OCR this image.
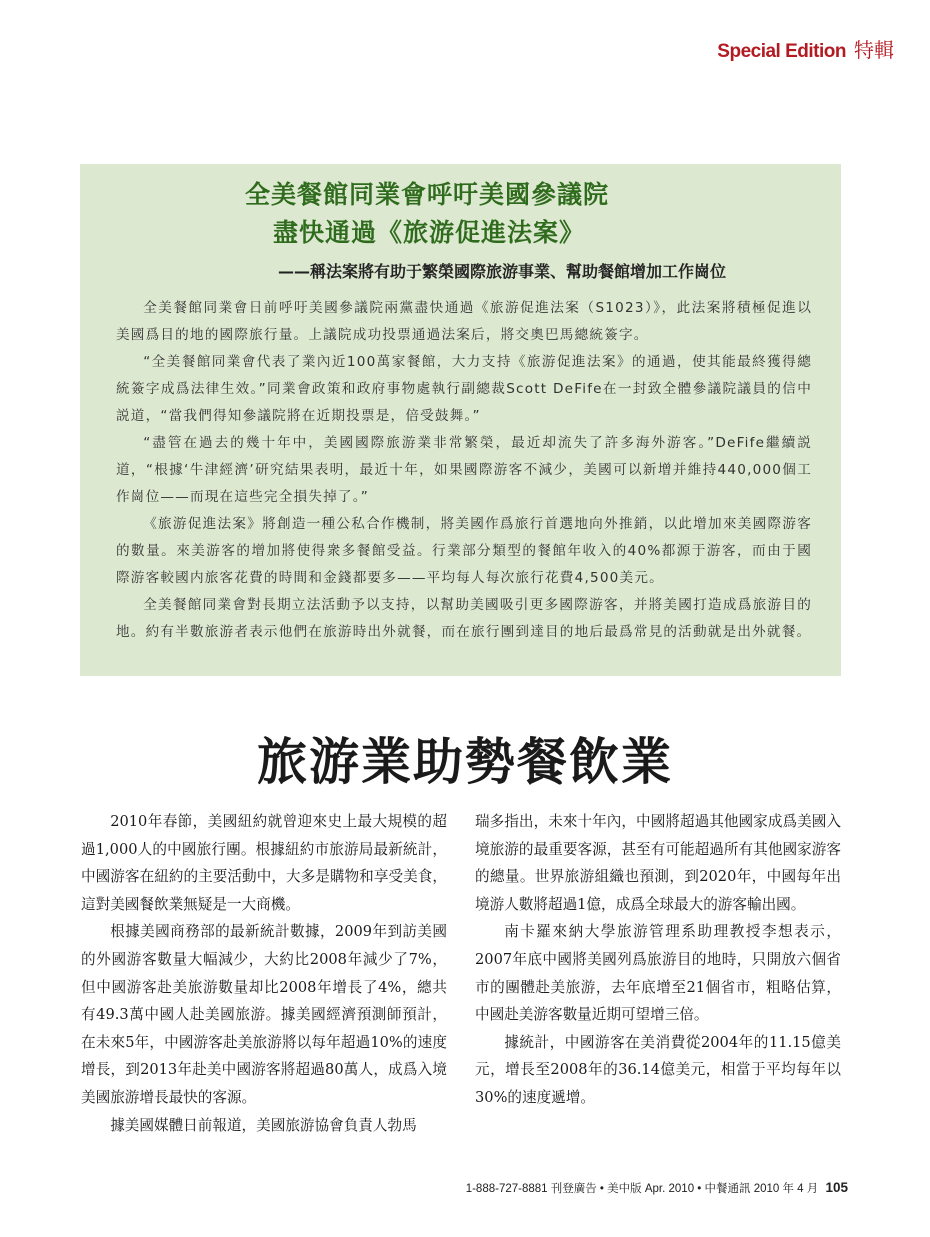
Special Edition 特輯
全美餐館同業會呼吁美國參議院
盡快通過《旅游促進法案》
——稱法案將有助于繁榮國際旅游事業、幫助餐館增加工作崗位

全美餐館同業會日前呼吁美國參議院兩黨盡快通過《旅游促進法案（S1023）》，此法案將積極促進以美國爲目的地的國際旅行量。上議院成功投票通過法案后，將交奧巴馬總統簽字。

“全美餐館同業會代表了業內近100萬家餐館，大力支持《旅游促進法案》的通過，使其能最終獲得總統簽字成爲法律生效。”同業會政策和政府事物處執行副總裁Scott DeFife在一封致全體參議院議員的信中説道，“當我們得知參議院將在近期投票是，倍受鼓舞。”

“盡管在過去的幾十年中，美國國際旅游業非常繁榮，最近却流失了許多海外游客。”DeFife繼續説道，“根據‘牛津經濟’研究結果表明，最近十年，如果國際游客不減少，美國可以新增并維持440,000個工作崗位——而現在這些完全損失掉了。”

《旅游促進法案》將創造一種公私合作機制，將美國作爲旅行首選地向外推銷，以此增加來美國際游客的數量。來美游客的增加將使得衆多餐館受益。行業部分類型的餐館年收入的40%都源于游客，而由于國際游客較國内旅客花費的時間和金錢都要多——平均每人每次旅行花費4,500美元。

全美餐館同業會對長期立法活動予以支持，以幫助美國吸引更多國際游客，并將美國打造成爲旅游目的地。約有半數旅游者表示他們在旅游時出外就餐，而在旅行團到達目的地后最爲常見的活動就是出外就餐。

旅游業助勢餐飲業

2010年春節，美國紐約就曾迎來史上最大規模的超過1,000人的中國旅行團。根據紐約市旅游局最新統計，中國游客在紐約的主要活動中，大多是購物和享受美食，這對美國餐飲業無疑是一大商機。

根據美國商務部的最新統計數據，2009年到訪美國的外國游客數量大幅減少，大約比2008年減少了7%，但中國游客赴美旅游數量却比2008年增長了4%，總共有49.3萬中國人赴美國旅游。據美國經濟預測師預計，在未來5年，中國游客赴美旅游將以每年超過10%的速度增長，到2013年赴美中國游客將超過80萬人，成爲入境美國旅游增長最快的客源。

據美國媒體日前報道，美國旅游協會負責人勃馬

瑞多指出，未來十年內，中國將超過其他國家成爲美國入境旅游的最重要客源，甚至有可能超過所有其他國家游客的總量。世界旅游組織也預測，到2020年，中國每年出境游人數將超過1億，成爲全球最大的游客輸出國。

南卡羅來納大學旅游管理系助理教授李想表示，2007年底中國將美國列爲旅游目的地時，只開放六個省市的團體赴美旅游，去年底增至21個省市，粗略估算，中國赴美游客數量近期可望增三倍。

據統計，中國游客在美消費從2004年的11.15億美元，增長至2008年的36.14億美元，相當于平均每年以30%的速度遞增。

1-888-727-8881 刊登廣告 • 美中版 Apr. 2010 • 中餐通訊 2010 年 4 月 105
